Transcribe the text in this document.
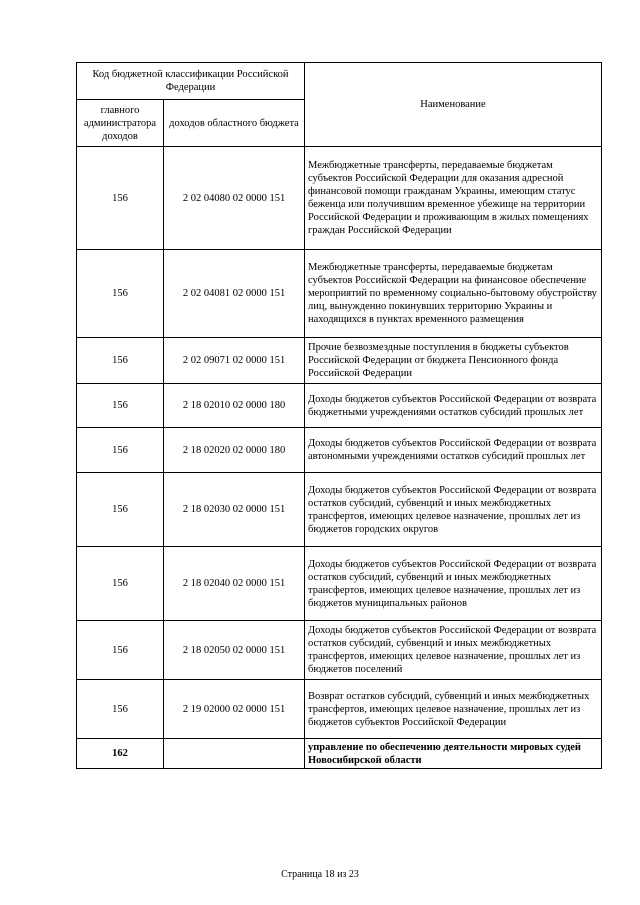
Код бюджетной классификации Российской Федерации		Наименование
главного администратора доходов	доходов областного бюджета	
156	2 02 04080 02 0000 151	Межбюджетные трансферты, передаваемые бюджетам субъектов Российской Федерации для оказания адресной финансовой помощи гражданам Украины, имеющим статус беженца или получившим временное убежище на территории Российской Федерации и проживающим в жилых помещениях граждан Российской Федерации
156	2 02 04081 02 0000 151	Межбюджетные трансферты, передаваемые бюджетам субъектов Российской Федерации на финансовое обеспечение мероприятий по временному социально-бытовому обустройству лиц, вынужденно покинувших территорию Украины и находящихся в пунктах временного размещения
156	2 02 09071 02 0000 151	Прочие безвозмездные поступления в бюджеты субъектов Российской Федерации от бюджета Пенсионного фонда Российской Федерации
156	2 18 02010 02 0000 180	Доходы бюджетов субъектов Российской Федерации от возврата бюджетными учреждениями остатков субсидий прошлых лет
156	2 18 02020 02 0000 180	Доходы бюджетов субъектов Российской Федерации от возврата автономными учреждениями остатков субсидий прошлых лет
156	2 18 02030 02 0000 151	Доходы бюджетов субъектов Российской Федерации от возврата остатков субсидий, субвенций и иных межбюджетных трансфертов, имеющих целевое назначение, прошлых лет из бюджетов городских округов
156	2 18 02040 02 0000 151	Доходы бюджетов субъектов Российской Федерации от возврата остатков субсидий, субвенций и иных межбюджетных трансфертов, имеющих целевое назначение, прошлых лет из бюджетов муниципальных районов
156	2 18 02050 02 0000 151	Доходы бюджетов субъектов Российской Федерации от возврата остатков субсидий, субвенций и иных межбюджетных трансфертов, имеющих целевое назначение, прошлых лет из бюджетов поселений
156	2 19 02000 02 0000 151	Возврат остатков субсидий, субвенций и иных межбюджетных трансфертов, имеющих целевое назначение, прошлых лет из бюджетов субъектов Российской Федерации
162		управление по обеспечению деятельности мировых судей Новосибирской области
Страница 18 из 23
